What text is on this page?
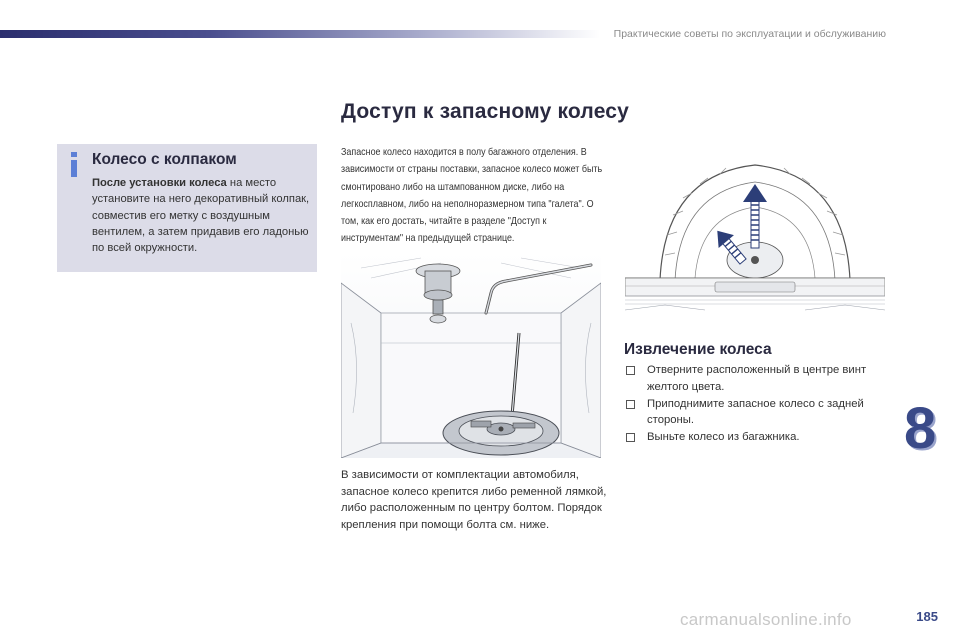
Практические советы по эксплуатации и обслуживанию
Доступ к запасному колесу
Колесо с колпаком
После установки колеса на место установите на него декоративный колпак, совместив его метку с воздушным вентилем, а затем придавив его ладонью по всей окружности.
Запасное колесо находится в полу багажного отделения. В зависимости от страны поставки, запасное колесо может быть смонтировано либо на штампованном диске, либо на легкосплавном, либо на неполноразмерном типа "галета". О том, как его достать, читайте в разделе "Доступ к инструментам" на предыдущей странице.
В зависимости от комплектации автомобиля, запасное колесо крепится либо ременной лямкой, либо расположенным по центру болтом. Порядок крепления при помощи болта см. ниже.
Извлечение колеса
Отверните расположенный в центре винт желтого цвета.
Приподнимите запасное колесо с задней стороны.
Выньте колесо из багажника.	8
carmanualsonline.info	185
